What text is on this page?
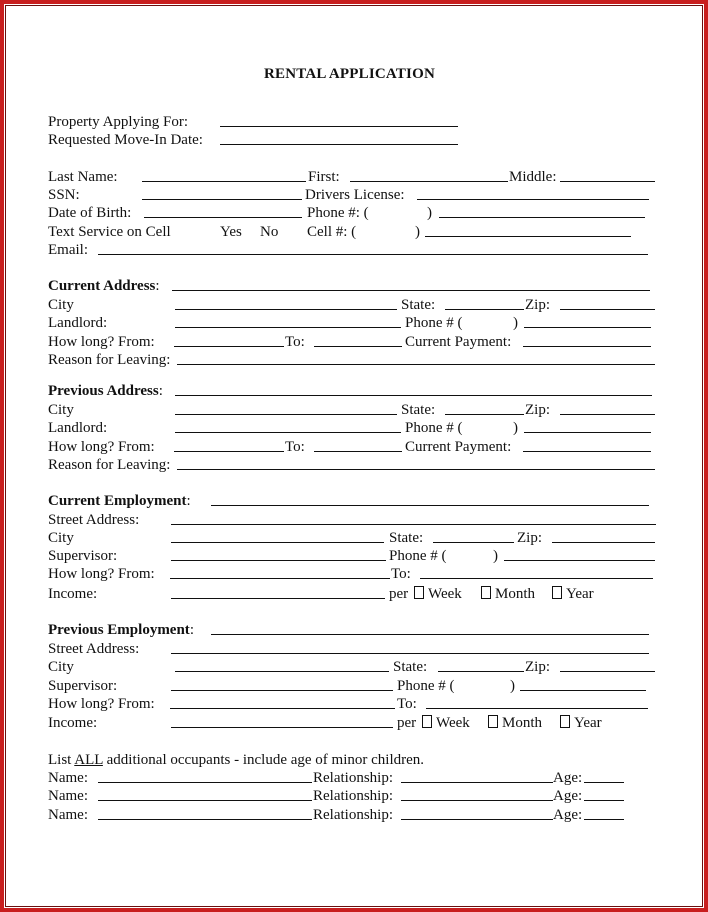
RENTAL APPLICATION
Property Applying For:
Requested Move-In Date:
Last Name:	First:	Middle:
SSN:	Drivers License:
Date of Birth:	Phone #: (	)
Text Service on Cell	Yes No Cell #: (	)
Email:
Current Address:
City	State:	Zip:
Landlord:	Phone # (	)
How long? From:	To:	Current Payment:
Reason for Leaving:
Previous Address:
City	State:	Zip:
Landlord:	Phone # (	)
How long? From:	To:	Current Payment:
Reason for Leaving:
Current Employment:
Street Address:
City	State:	Zip:
Supervisor:	Phone # (	)
How long? From:	To:
Income:	per	Week	Month	Year
Previous Employment:
Street Address:
City	State:	Zip:
Supervisor:	Phone # (	)
How long? From:	To:
Income:	per	Week	Month	Year
List ALL additional occupants - include age of minor children.
Name:	Relationship:	Age:
Name:	Relationship:	Age:
Name:	Relationship:	Age:
